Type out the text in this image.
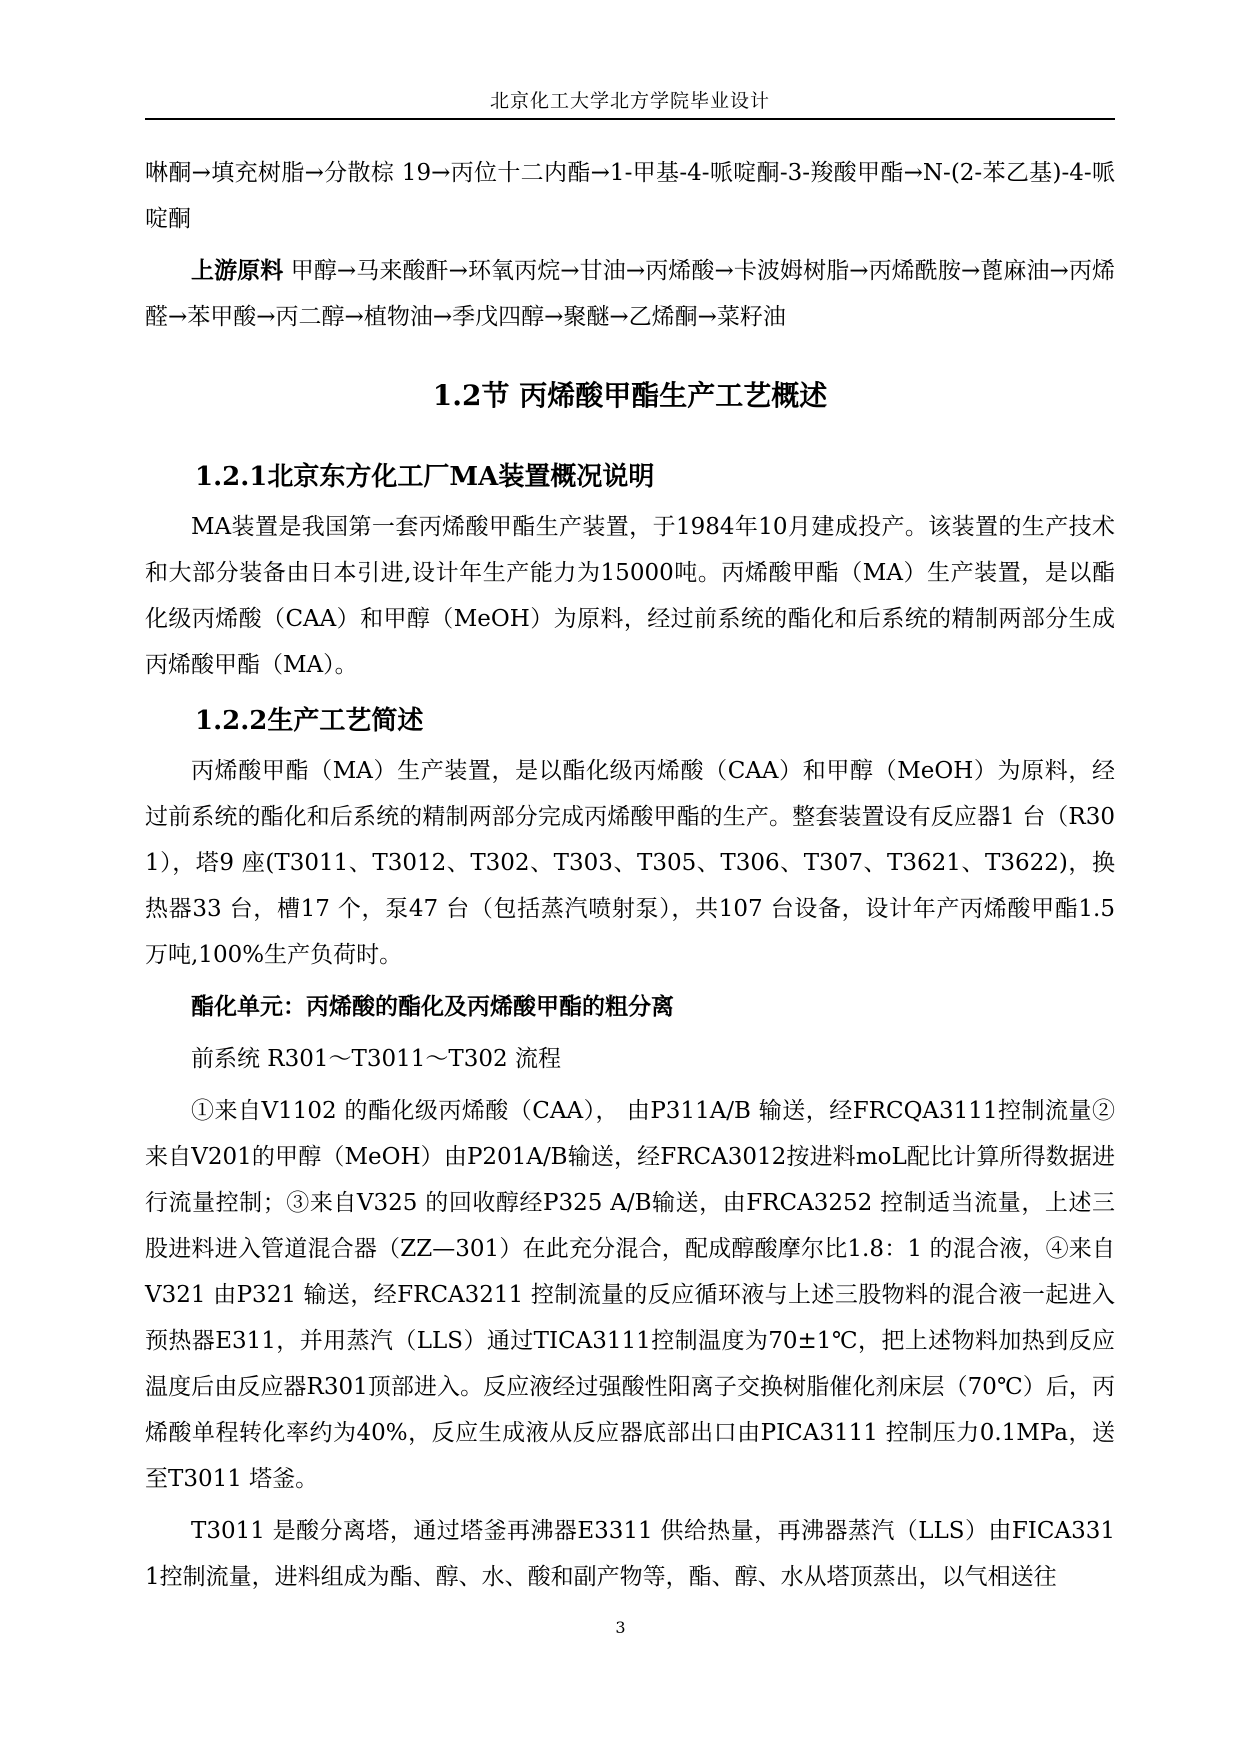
北京化工大学北方学院毕业设计

啉酮→填充树脂→分散棕 19→丙位十二内酯→1-甲基-4-哌啶酮-3-羧酸甲酯→N-(2-苯乙基)-4-哌啶酮

上游原料 甲醇→马来酸酐→环氧丙烷→甘油→丙烯酸→卡波姆树脂→丙烯酰胺→蓖麻油→丙烯醛→苯甲酸→丙二醇→植物油→季戊四醇→聚醚→乙烯酮→菜籽油

1.2节 丙烯酸甲酯生产工艺概述
1.2.1北京东方化工厂MA装置概况说明

MA装置是我国第一套丙烯酸甲酯生产装置，于1984年10月建成投产。该装置的生产技术和大部分装备由日本引进,设计年生产能力为15000吨。丙烯酸甲酯（MA）生产装置，是以酯化级丙烯酸（CAA）和甲醇（MeOH）为原料，经过前系统的酯化和后系统的精制两部分生成丙烯酸甲酯（MA）。

1.2.2生产工艺简述

丙烯酸甲酯（MA）生产装置，是以酯化级丙烯酸（CAA）和甲醇（MeOH）为原料，经过前系统的酯化和后系统的精制两部分完成丙烯酸甲酯的生产。整套装置设有反应器1 台（R301），塔9 座(T3011、T3012、T302、T303、T305、T306、T307、T3621、T3622)，换热器33 台，槽17 个，泵47 台（包括蒸汽喷射泵），共107 台设备，设计年产丙烯酸甲酯1.5 万吨,100%生产负荷时。

酯化单元：丙烯酸的酯化及丙烯酸甲酯的粗分离

前系统 R301～T3011～T302 流程

①来自V1102 的酯化级丙烯酸（CAA）， 由P311A/B 输送，经FRCQA3111控制流量②来自V201的甲醇（MeOH）由P201A/B输送，经FRCA3012按进料moL配比计算所得数据进行流量控制；③来自V325 的回收醇经P325 A/B输送，由FRCA3252 控制适当流量，上述三股进料进入管道混合器（ZZ—301）在此充分混合，配成醇酸摩尔比1.8：1 的混合液，④来自V321 由P321 输送，经FRCA3211 控制流量的反应循环液与上述三股物料的混合液一起进入预热器E311，并用蒸汽（LLS）通过TICA3111控制温度为70±1℃，把上述物料加热到反应温度后由反应器R301顶部进入。反应液经过强酸性阳离子交换树脂催化剂床层（70℃）后，丙烯酸单程转化率约为40%，反应生成液从反应器底部出口由PICA3111 控制压力0.1MPa，送至T3011 塔釜。

T3011 是酸分离塔，通过塔釜再沸器E3311 供给热量，再沸器蒸汽（LLS）由FICA3311控制流量，进料组成为酯、醇、水、酸和副产物等，酯、醇、水从塔顶蒸出，以气相送往

3
